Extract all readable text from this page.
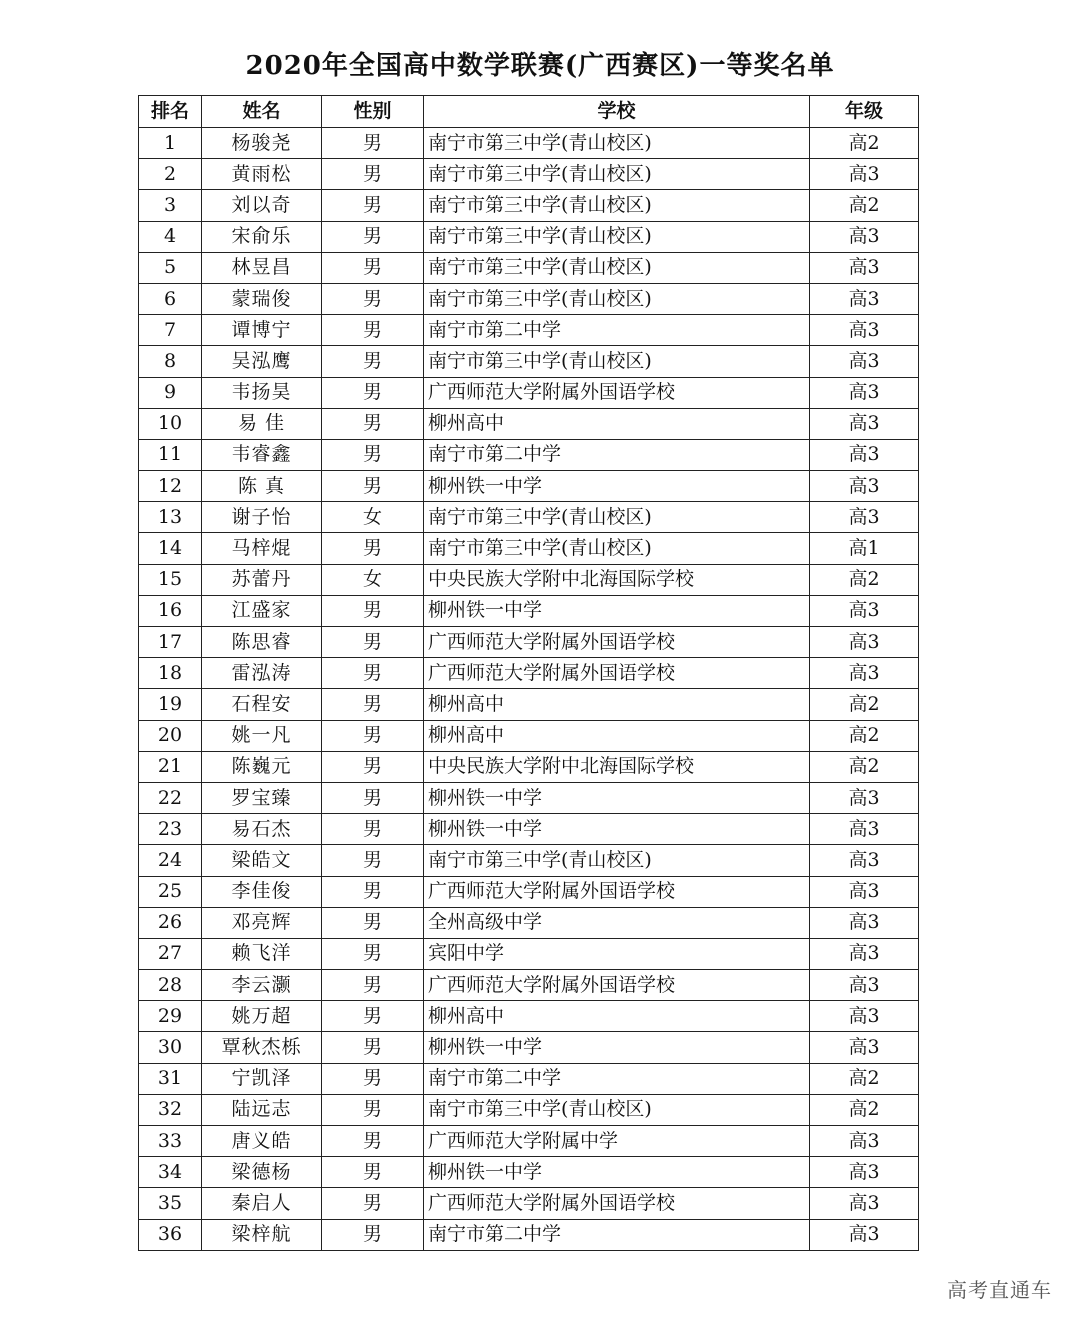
2020年全国高中数学联赛(广西赛区)一等奖名单
排名	姓名	性别	学校	年级
1	杨骏尧	男	南宁市第三中学(青山校区)	高2
2	黄雨松	男	南宁市第三中学(青山校区)	高3
3	刘以奇	男	南宁市第三中学(青山校区)	高2
4	宋俞乐	男	南宁市第三中学(青山校区)	高3
5	林昱昌	男	南宁市第三中学(青山校区)	高3
6	蒙瑞俊	男	南宁市第三中学(青山校区)	高3
7	谭博宁	男	南宁市第二中学	高3
8	吴泓鹰	男	南宁市第三中学(青山校区)	高3
9	韦扬昊	男	广西师范大学附属外国语学校	高3
10	易 佳	男	柳州高中	高3
11	韦睿鑫	男	南宁市第二中学	高3
12	陈 真	男	柳州铁一中学	高3
13	谢子怡	女	南宁市第三中学(青山校区)	高3
14	马梓焜	男	南宁市第三中学(青山校区)	高1
15	苏蕾丹	女	中央民族大学附中北海国际学校	高2
16	江盛家	男	柳州铁一中学	高3
17	陈思睿	男	广西师范大学附属外国语学校	高3
18	雷泓涛	男	广西师范大学附属外国语学校	高3
19	石程安	男	柳州高中	高2
20	姚一凡	男	柳州高中	高2
21	陈巍元	男	中央民族大学附中北海国际学校	高2
22	罗宝臻	男	柳州铁一中学	高3
23	易石杰	男	柳州铁一中学	高3
24	梁皓文	男	南宁市第三中学(青山校区)	高3
25	李佳俊	男	广西师范大学附属外国语学校	高3
26	邓亮辉	男	全州高级中学	高3
27	赖飞洋	男	宾阳中学	高3
28	李云灏	男	广西师范大学附属外国语学校	高3
29	姚万超	男	柳州高中	高3
30	覃秋杰栎	男	柳州铁一中学	高3
31	宁凯泽	男	南宁市第二中学	高2
32	陆远志	男	南宁市第三中学(青山校区)	高2
33	唐义皓	男	广西师范大学附属中学	高3
34	梁德杨	男	柳州铁一中学	高3
35	秦启人	男	广西师范大学附属外国语学校	高3
36	梁梓航	男	南宁市第二中学	高3
高考直通车
